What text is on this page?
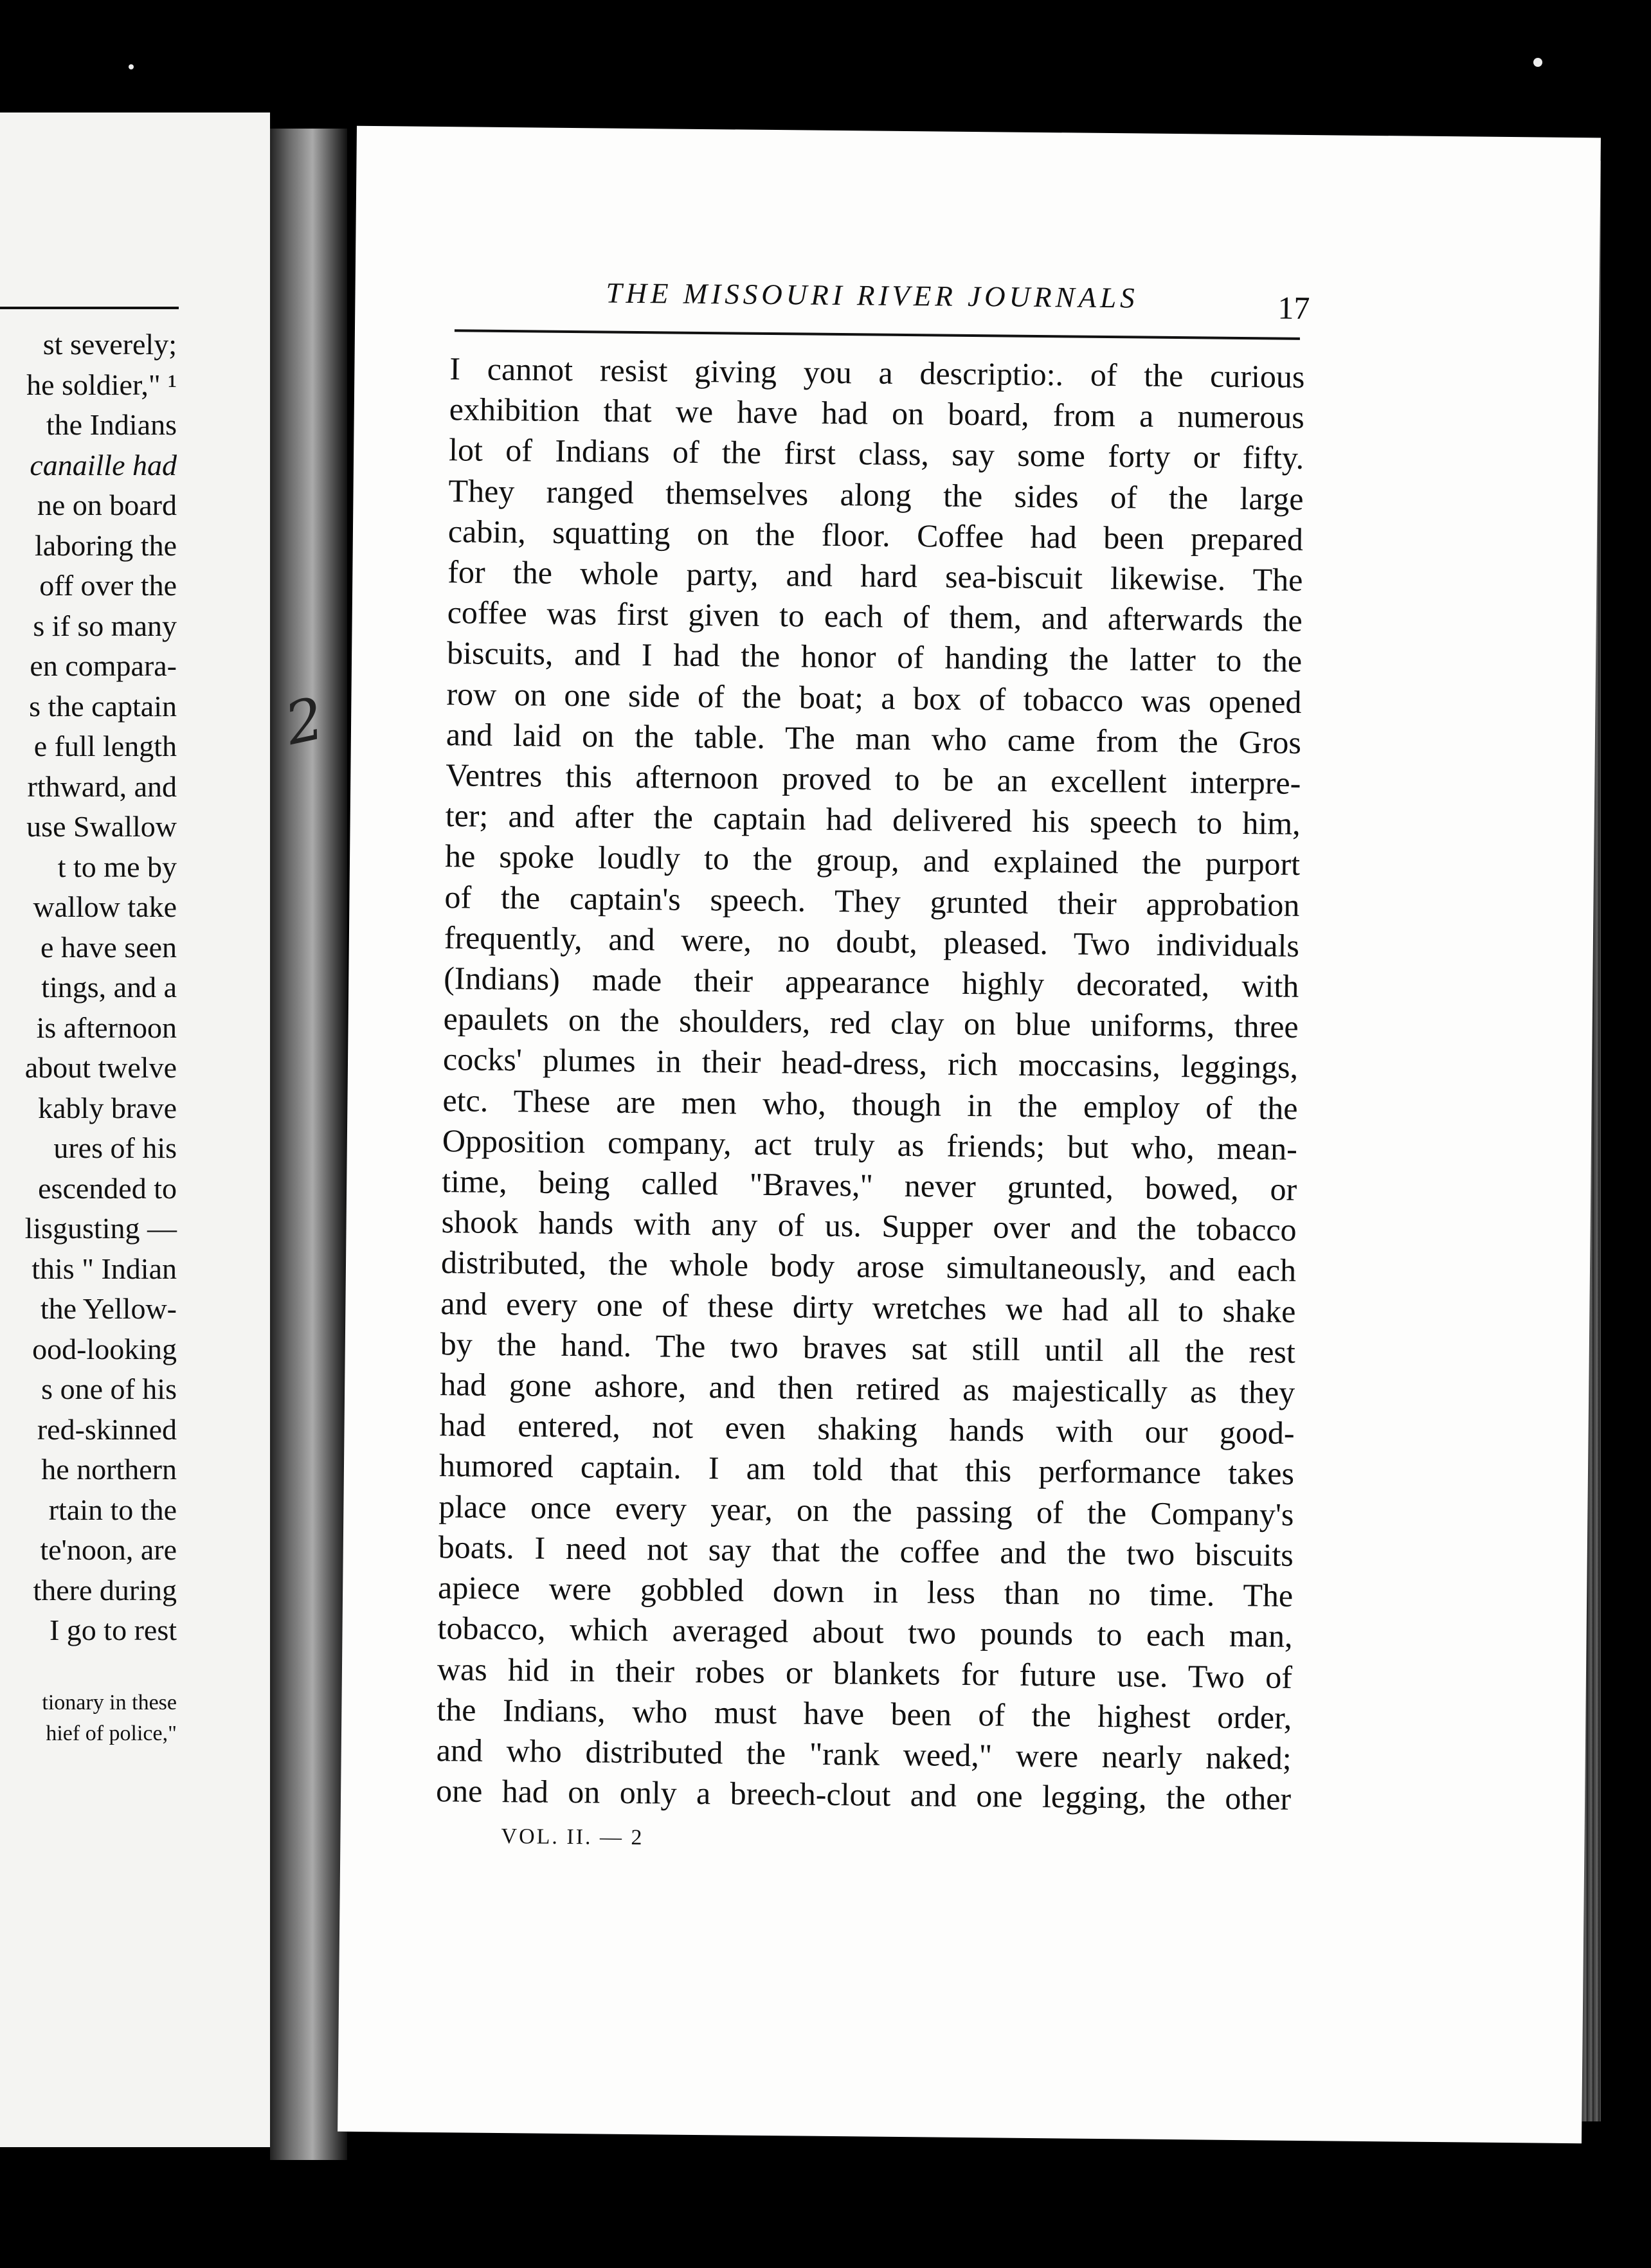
st severely;
he soldier," ¹
the Indians
canaille had
ne on board
laboring the
off over the
s if so many
en compara-
s the captain
e full length
rthward, and
use Swallow
t to me by
wallow take
e have seen
tings, and a
is afternoon
about twelve
kably brave
ures of his
escended to
lisgusting —
this " Indian
the Yellow-
ood-looking
s one of his
red-skinned
he northern
rtain to the
te'noon, are
there during
I go to rest
tionary in these
hief of police,"
2
THE MISSOURI RIVER JOURNALS	17
I cannot resist giving you a descriptio:. of the curious
exhibition that we have had on board, from a numerous
lot of Indians of the first class, say some forty or fifty.
They ranged themselves along the sides of the large
cabin, squatting on the floor. Coffee had been prepared
for the whole party, and hard sea-biscuit likewise. The
coffee was first given to each of them, and afterwards the
biscuits, and I had the honor of handing the latter to the
row on one side of the boat; a box of tobacco was opened
and laid on the table. The man who came from the Gros
Ventres this afternoon proved to be an excellent interpre-
ter; and after the captain had delivered his speech to him,
he spoke loudly to the group, and explained the purport
of the captain's speech. They grunted their approbation
frequently, and were, no doubt, pleased. Two individuals
(Indians) made their appearance highly decorated, with
epaulets on the shoulders, red clay on blue uniforms, three
cocks' plumes in their head-dress, rich moccasins, leggings,
etc. These are men who, though in the employ of the
Opposition company, act truly as friends; but who, mean-
time, being called "Braves," never grunted, bowed, or
shook hands with any of us. Supper over and the tobacco
distributed, the whole body arose simultaneously, and each
and every one of these dirty wretches we had all to shake
by the hand. The two braves sat still until all the rest
had gone ashore, and then retired as majestically as they
had entered, not even shaking hands with our good-
humored captain. I am told that this performance takes
place once every year, on the passing of the Company's
boats. I need not say that the coffee and the two biscuits
apiece were gobbled down in less than no time. The
tobacco, which averaged about two pounds to each man,
was hid in their robes or blankets for future use. Two of
the Indians, who must have been of the highest order,
and who distributed the "rank weed," were nearly naked;
one had on only a breech-clout and one legging, the other
VOL. II. — 2
